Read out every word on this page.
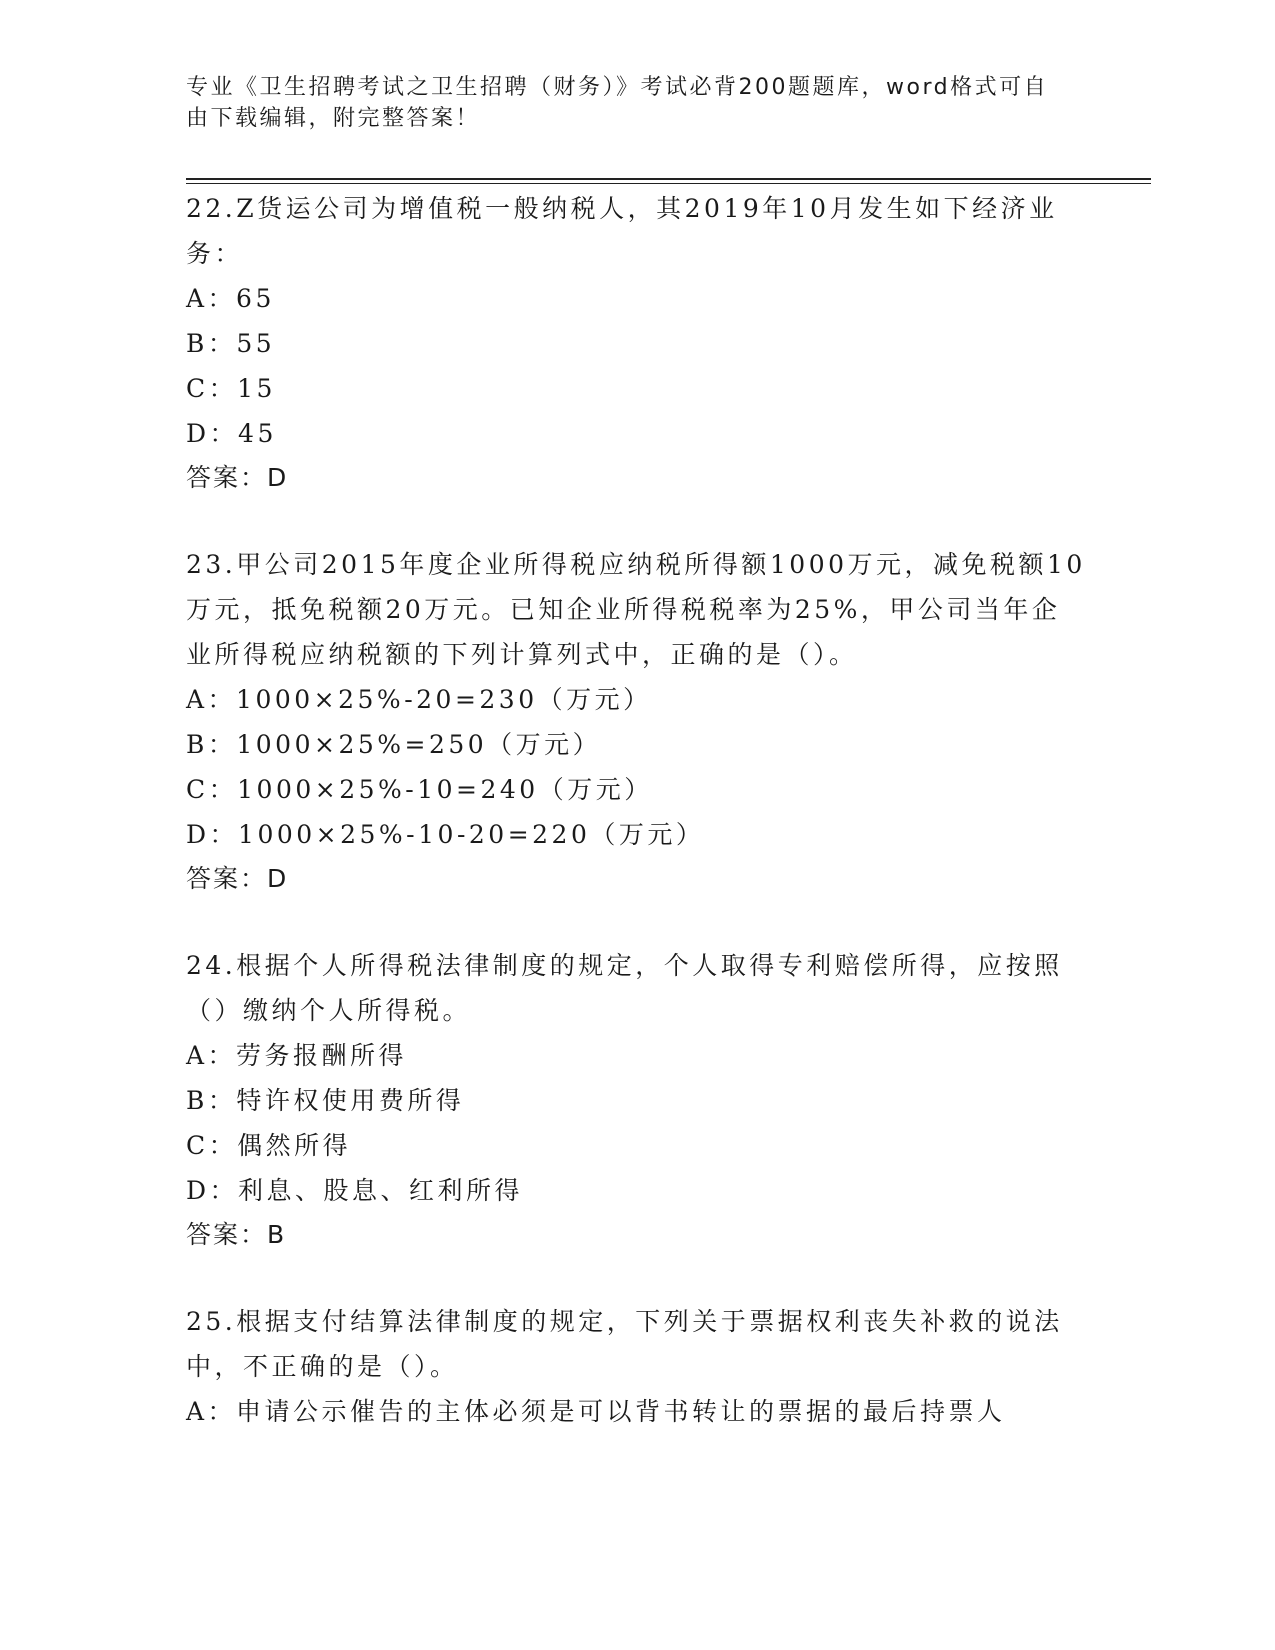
专业《卫生招聘考试之卫生招聘（财务）》考试必背200题题库，word格式可自由下载编辑，附完整答案！

22.Z货运公司为增值税一般纳税人，其2019年10月发生如下经济业务：

A：65

B：55

C：15

D：45

答案：D

23.甲公司2015年度企业所得税应纳税所得额1000万元，减免税额10万元，抵免税额20万元。已知企业所得税税率为25%，甲公司当年企业所得税应纳税额的下列计算列式中，正确的是（）。

A：1000×25%-20=230（万元）

B：1000×25%=250（万元）

C：1000×25%-10=240（万元）

D：1000×25%-10-20=220（万元）

答案：D

24.根据个人所得税法律制度的规定，个人取得专利赔偿所得，应按照（）缴纳个人所得税。

A：劳务报酬所得

B：特许权使用费所得

C：偶然所得

D：利息、股息、红利所得

答案：B

25.根据支付结算法律制度的规定，下列关于票据权利丧失补救的说法中，不正确的是（）。

A：申请公示催告的主体必须是可以背书转让的票据的最后持票人
